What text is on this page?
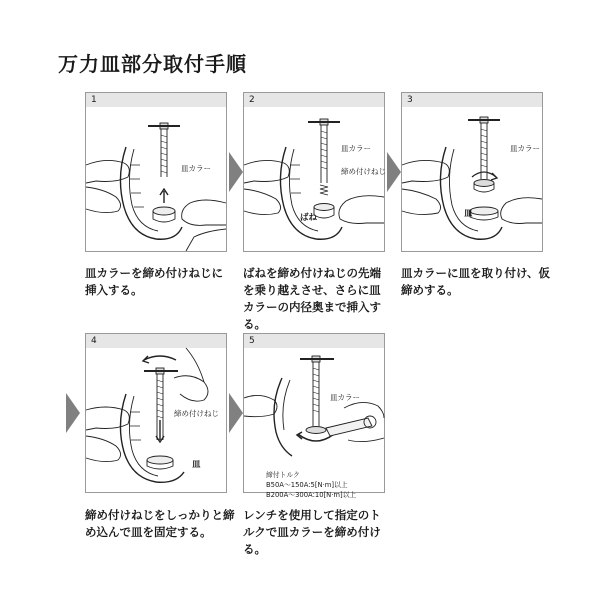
万力皿部分取付手順
1
皿カラー
2
皿カラー
締め付けねじ
ばね
3
皿カラー
皿
皿カラーを締め付けねじに挿入する。
ばねを締め付けねじの先端を乗り越えさせ、さらに皿カラーの内径奥まで挿入する。
皿カラーに皿を取り付け、仮締めする。
4
締め付けねじ
皿
5
皿カラー
締付トルク
B50A～150A:5[N·m]以上
B200A～300A:10[N·m]以上
締め付けねじをしっかりと締め込んで皿を固定する。
レンチを使用して指定のトルクで皿カラーを締め付ける。
